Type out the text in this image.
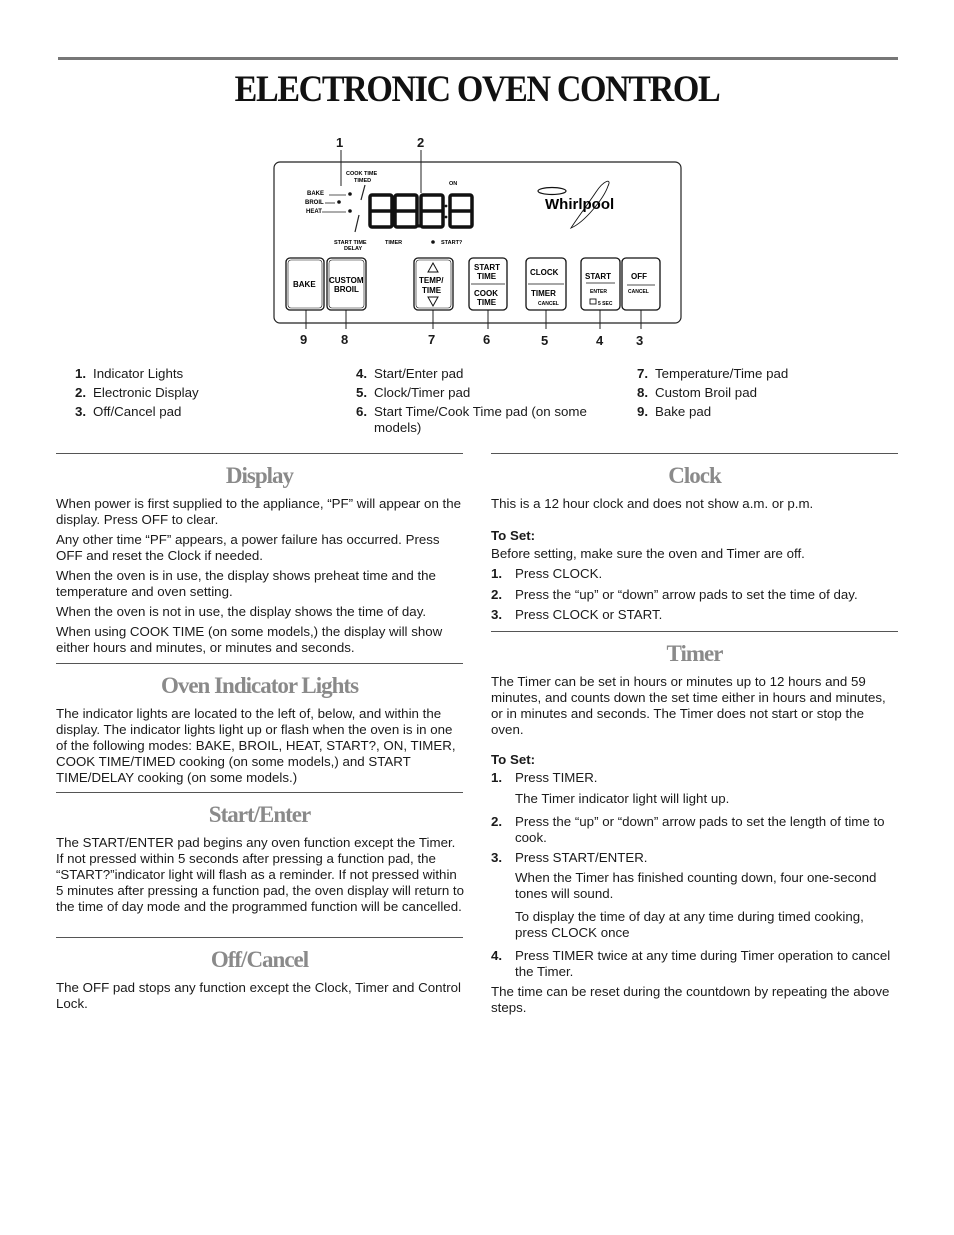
ELECTRONIC OVEN CONTROL
BAKE
BROIL
HEAT
COOK TIME
TIMED	ON
START TIME
DELAY
TIMER	START?
Whirlpool
BAKE CUSTOM
BROIL
TEMP/
TIME
START
TIME
COOK
TIME
CLOCK
TIMER
CANCEL
START
ENTER
5 SEC
OFF
CANCEL
1	2
9	8	7	6	5	4	3
1. Indicator Lights
2. Electronic Display
3. Off/Cancel pad
4. Start/Enter pad
5. Clock/Timer pad
6. Start Time/Cook Time pad (on some models)
7. Temperature/Time pad
8. Custom Broil pad
9. Bake pad
Display

When power is first supplied to the appliance, “PF” will appear on the display. Press OFF to clear.

Any other time “PF” appears, a power failure has occurred. Press OFF and reset the Clock if needed.

When the oven is in use, the display shows preheat time and the temperature and oven setting.

When the oven is not in use, the display shows the time of day.

When using COOK TIME (on some models,) the display will show either hours and minutes, or minutes and seconds.

Oven Indicator Lights

The indicator lights are located to the left of, below, and within the display. The indicator lights light up or flash when the oven is in one of the following modes: BAKE, BROIL, HEAT, START?, ON, TIMER, COOK TIME/TIMED cooking (on some models,) and START TIME/DELAY cooking (on some models.)

Start/Enter

The START/ENTER pad begins any oven function except the Timer. If not pressed within 5 seconds after pressing a function pad, the “START?”indicator light will flash as a reminder. If not pressed within 5 minutes after pressing a function pad, the oven display will return to the time of day mode and the programmed function will be cancelled.

Off/Cancel

The OFF pad stops any function except the Clock, Timer and Control Lock.

Clock

This is a 12 hour clock and does not show a.m. or p.m.

To Set:

Before setting, make sure the oven and Timer are off.

1. Press CLOCK.
2. Press the “up” or “down” arrow pads to set the time of day.
3. Press CLOCK or START.
Timer

The Timer can be set in hours or minutes up to 12 hours and 59 minutes, and counts down the set time either in hours and minutes, or in minutes and seconds. The Timer does not start or stop the oven.

To Set:
1. Press TIMER.
The Timer indicator light will light up.
2. Press the “up” or “down” arrow pads to set the length of time to cook.
3. Press START/ENTER.
When the Timer has finished counting down, four one-second tones will sound.
To display the time of day at any time during timed cooking, press CLOCK once
4. Press TIMER twice at any time during Timer operation to cancel the Timer.

The time can be reset during the countdown by repeating the above steps.
